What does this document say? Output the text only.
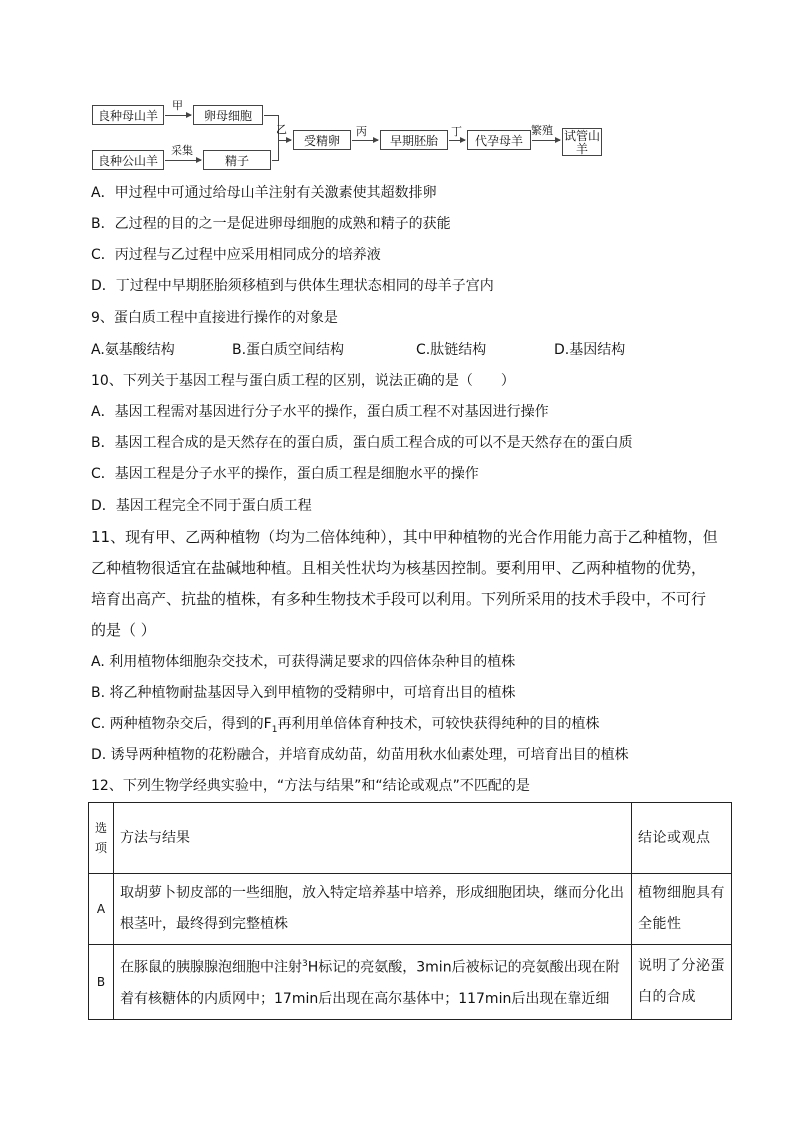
良种母山羊
甲
卵母细胞
良种公山羊
采集
精子
乙
受精卵
丙
早期胚胎
丁
代孕母羊
繁殖 试管山羊
A．甲过程中可通过给母山羊注射有关激素使其超数排卵
B．乙过程的目的之一是促进卵母细胞的成熟和精子的获能
C．丙过程与乙过程中应采用相同成分的培养液
D．丁过程中早期胚胎须移植到与供体生理状态相同的母羊子宫内
9、蛋白质工程中直接进行操作的对象是
A.氨基酸结构	B.蛋白质空间结构	C.肽链结构	D.基因结构
10、下列关于基因工程与蛋白质工程的区别，说法正确的是（　　）
A．基因工程需对基因进行分子水平的操作，蛋白质工程不对基因进行操作
B．基因工程合成的是天然存在的蛋白质，蛋白质工程合成的可以不是天然存在的蛋白质
C．基因工程是分子水平的操作，蛋白质工程是细胞水平的操作
D．基因工程完全不同于蛋白质工程
11、现有甲、乙两种植物（均为二倍体纯种），其中甲种植物的光合作用能力高于乙种植物，但
乙种植物很适宜在盐碱地种植。且相关性状均为核基因控制。要利用甲、乙两种植物的优势，
培育出高产、抗盐的植株，有多种生物技术手段可以利用。下列所采用的技术手段中，不可行
的是（ ）
A. 利用植物体细胞杂交技术，可获得满足要求的四倍体杂种目的植株
B. 将乙种植物耐盐基因导入到甲植物的受精卵中，可培育出目的植株
C. 两种植物杂交后，得到的$F_1$再利用单倍体育种技术，可较快获得纯种的目的植株
D. 诱导两种植物的花粉融合，并培育成幼苗，幼苗用秋水仙素处理，可培育出目的植株
12、下列生物学经典实验中，“方法与结果”和“结论或观点”不匹配的是
选项	方法与结果	结论或观点
A	取胡萝卜韧皮部的一些细胞，放入特定培养基中培养，形成细胞团块，继而分化出根茎叶，最终得到完整植株	植物细胞具有全能性
B	在豚鼠的胰腺腺泡细胞中注射$^3$H标记的亮氨酸，3min后被标记的亮氨酸出现在附着有核糖体的内质网中；17min后出现在高尔基体中；117min后出现在靠近细	说明了分泌蛋白的合成
